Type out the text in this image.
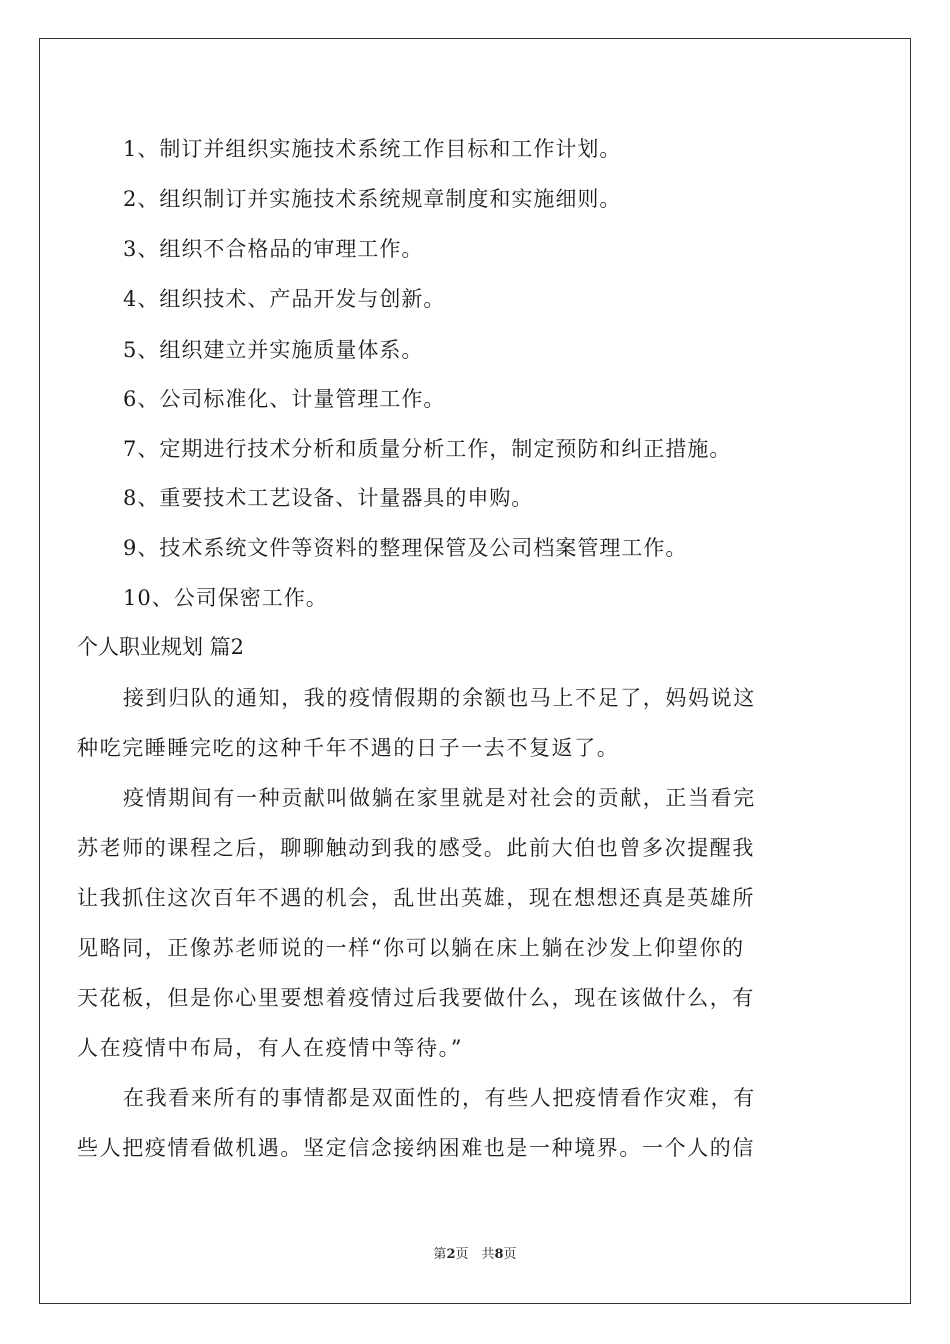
1、制订并组织实施技术系统工作目标和工作计划。
2、组织制订并实施技术系统规章制度和实施细则。
3、组织不合格品的审理工作。
4、组织技术、产品开发与创新。
5、组织建立并实施质量体系。
6、公司标准化、计量管理工作。
7、定期进行技术分析和质量分析工作，制定预防和纠正措施。
8、重要技术工艺设备、计量器具的申购。
9、技术系统文件等资料的整理保管及公司档案管理工作。
10、公司保密工作。
个人职业规划 篇2
接到归队的通知，我的疫情假期的余额也马上不足了，妈妈说这
种吃完睡睡完吃的这种千年不遇的日子一去不复返了。
疫情期间有一种贡献叫做躺在家里就是对社会的贡献，正当看完
苏老师的课程之后，聊聊触动到我的感受。此前大伯也曾多次提醒我
让我抓住这次百年不遇的机会，乱世出英雄，现在想想还真是英雄所
见略同，正像苏老师说的一样“你可以躺在床上躺在沙发上仰望你的
天花板，但是你心里要想着疫情过后我要做什么，现在该做什么，有
人在疫情中布局，有人在疫情中等待。”
在我看来所有的事情都是双面性的，有些人把疫情看作灾难，有
些人把疫情看做机遇。坚定信念接纳困难也是一种境界。一个人的信
第2页　共8页
